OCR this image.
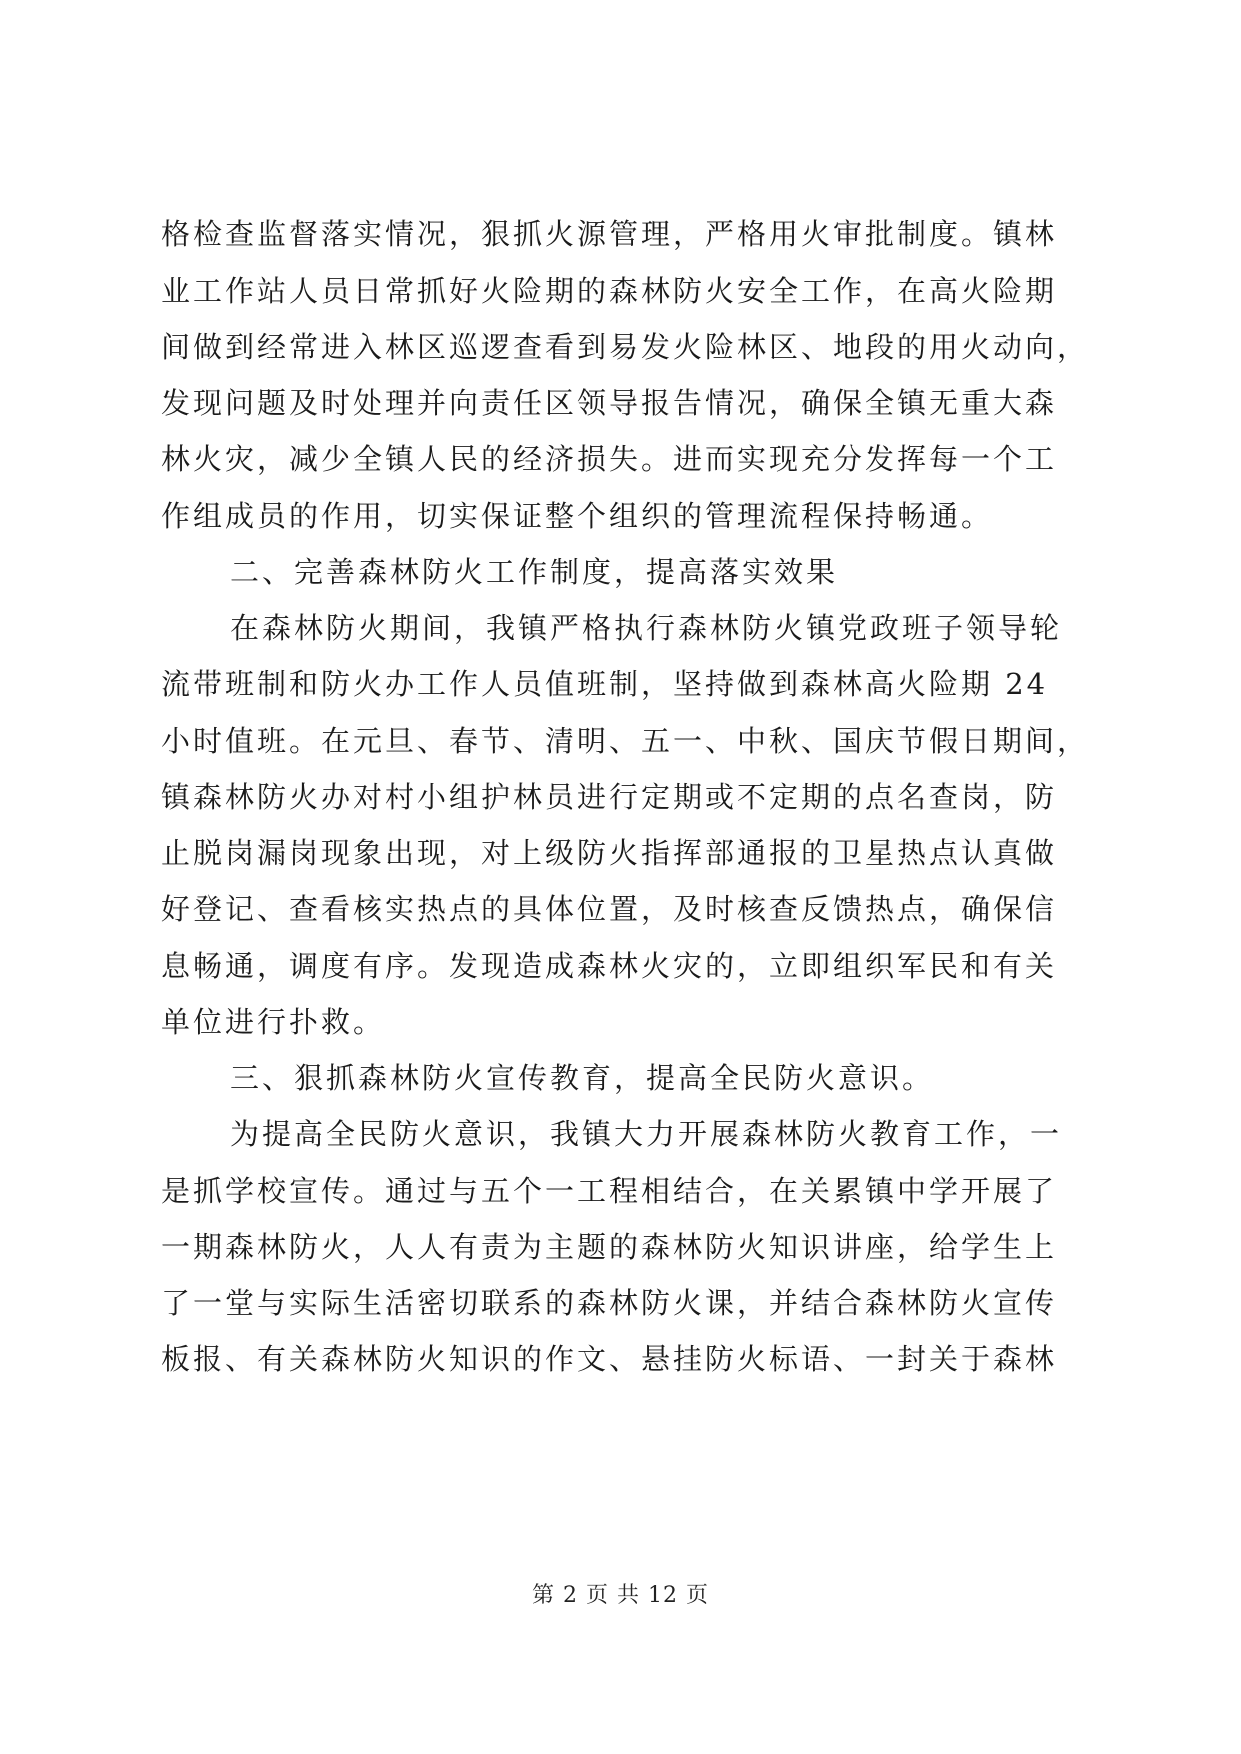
格检查监督落实情况，狠抓火源管理，严格用火审批制度。镇林
业工作站人员日常抓好火险期的森林防火安全工作，在高火险期
间做到经常进入林区巡逻查看到易发火险林区、地段的用火动向，
发现问题及时处理并向责任区领导报告情况，确保全镇无重大森
林火灾，减少全镇人民的经济损失。进而实现充分发挥每一个工
作组成员的作用，切实保证整个组织的管理流程保持畅通。
二、完善森林防火工作制度，提高落实效果
在森林防火期间，我镇严格执行森林防火镇党政班子领导轮
流带班制和防火办工作人员值班制，坚持做到森林高火险期 24
小时值班。在元旦、春节、清明、五一、中秋、国庆节假日期间，
镇森林防火办对村小组护林员进行定期或不定期的点名查岗，防
止脱岗漏岗现象出现，对上级防火指挥部通报的卫星热点认真做
好登记、查看核实热点的具体位置，及时核查反馈热点，确保信
息畅通，调度有序。发现造成森林火灾的，立即组织军民和有关
单位进行扑救。
三、狠抓森林防火宣传教育，提高全民防火意识。
为提高全民防火意识，我镇大力开展森林防火教育工作，一
是抓学校宣传。通过与五个一工程相结合，在关累镇中学开展了
一期森林防火，人人有责为主题的森林防火知识讲座，给学生上
了一堂与实际生活密切联系的森林防火课，并结合森林防火宣传
板报、有关森林防火知识的作文、悬挂防火标语、一封关于森林
第 2 页 共 12 页
